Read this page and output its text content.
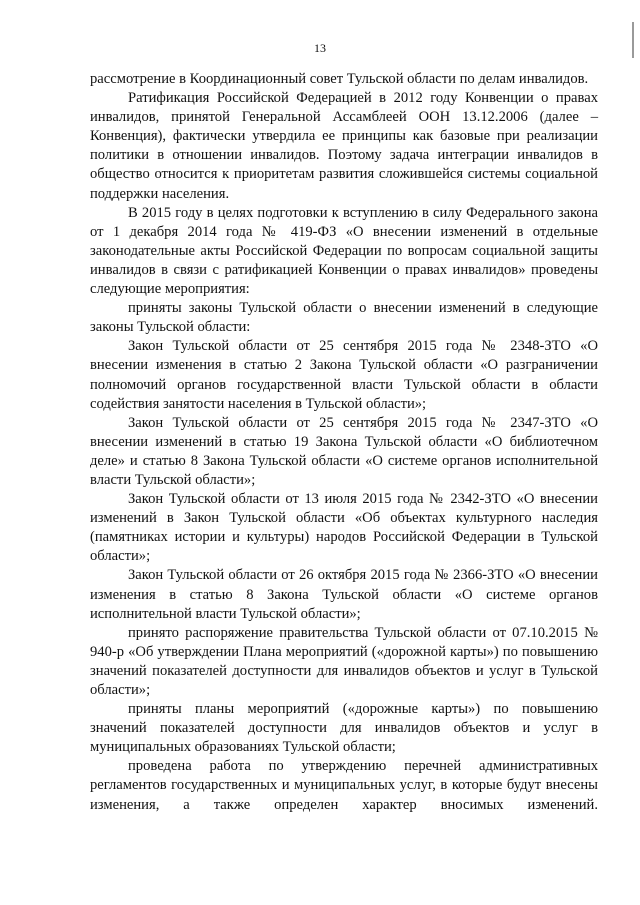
13

рассмотрение в Координационный совет Тульской области по делам инвалидов.

Ратификация Российской Федерацией в 2012 году Конвенции о правах инвалидов, принятой Генеральной Ассамблеей ООН 13.12.2006 (далее – Конвенция), фактически утвердила ее принципы как базовые при реализации политики в отношении инвалидов. Поэтому задача интеграции инвалидов в общество относится к приоритетам развития сложившейся системы социальной поддержки населения.

В 2015 году в целях подготовки к вступлению в силу Федерального закона от 1 декабря 2014 года № 419-ФЗ «О внесении изменений в отдельные законодательные акты Российской Федерации по вопросам социальной защиты инвалидов в связи с ратификацией Конвенции о правах инвалидов» проведены следующие мероприятия:

приняты законы Тульской области о внесении изменений в следующие законы Тульской области:

Закон Тульской области от 25 сентября 2015 года № 2348-ЗТО «О внесении изменения в статью 2 Закона Тульской области «О разграничении полномочий органов государственной власти Тульской области в области содействия занятости населения в Тульской области»;

Закон Тульской области от 25 сентября 2015 года № 2347-ЗТО «О внесении изменений в статью 19 Закона Тульской области «О библиотечном деле» и статью 8 Закона Тульской области «О системе органов исполнительной власти Тульской области»;

Закон Тульской области от 13 июля 2015 года № 2342-ЗТО «О внесении изменений в Закон Тульской области «Об объектах культурного наследия (памятниках истории и культуры) народов Российской Федерации в Тульской области»;

Закон Тульской области от 26 октября 2015 года № 2366-ЗТО «О внесении изменения в статью 8 Закона Тульской области «О системе органов исполнительной власти Тульской области»;

принято распоряжение правительства Тульской области от 07.10.2015 № 940-р «Об утверждении Плана мероприятий («дорожной карты») по повышению значений показателей доступности для инвалидов объектов и услуг в Тульской области»;

приняты планы мероприятий («дорожные карты») по повышению значений показателей доступности для инвалидов объектов и услуг в муниципальных образованиях Тульской области;

проведена работа по утверждению перечней административных регламентов государственных и муниципальных услуг, в которые будут внесены изменения, а также определен характер вносимых изменений.
